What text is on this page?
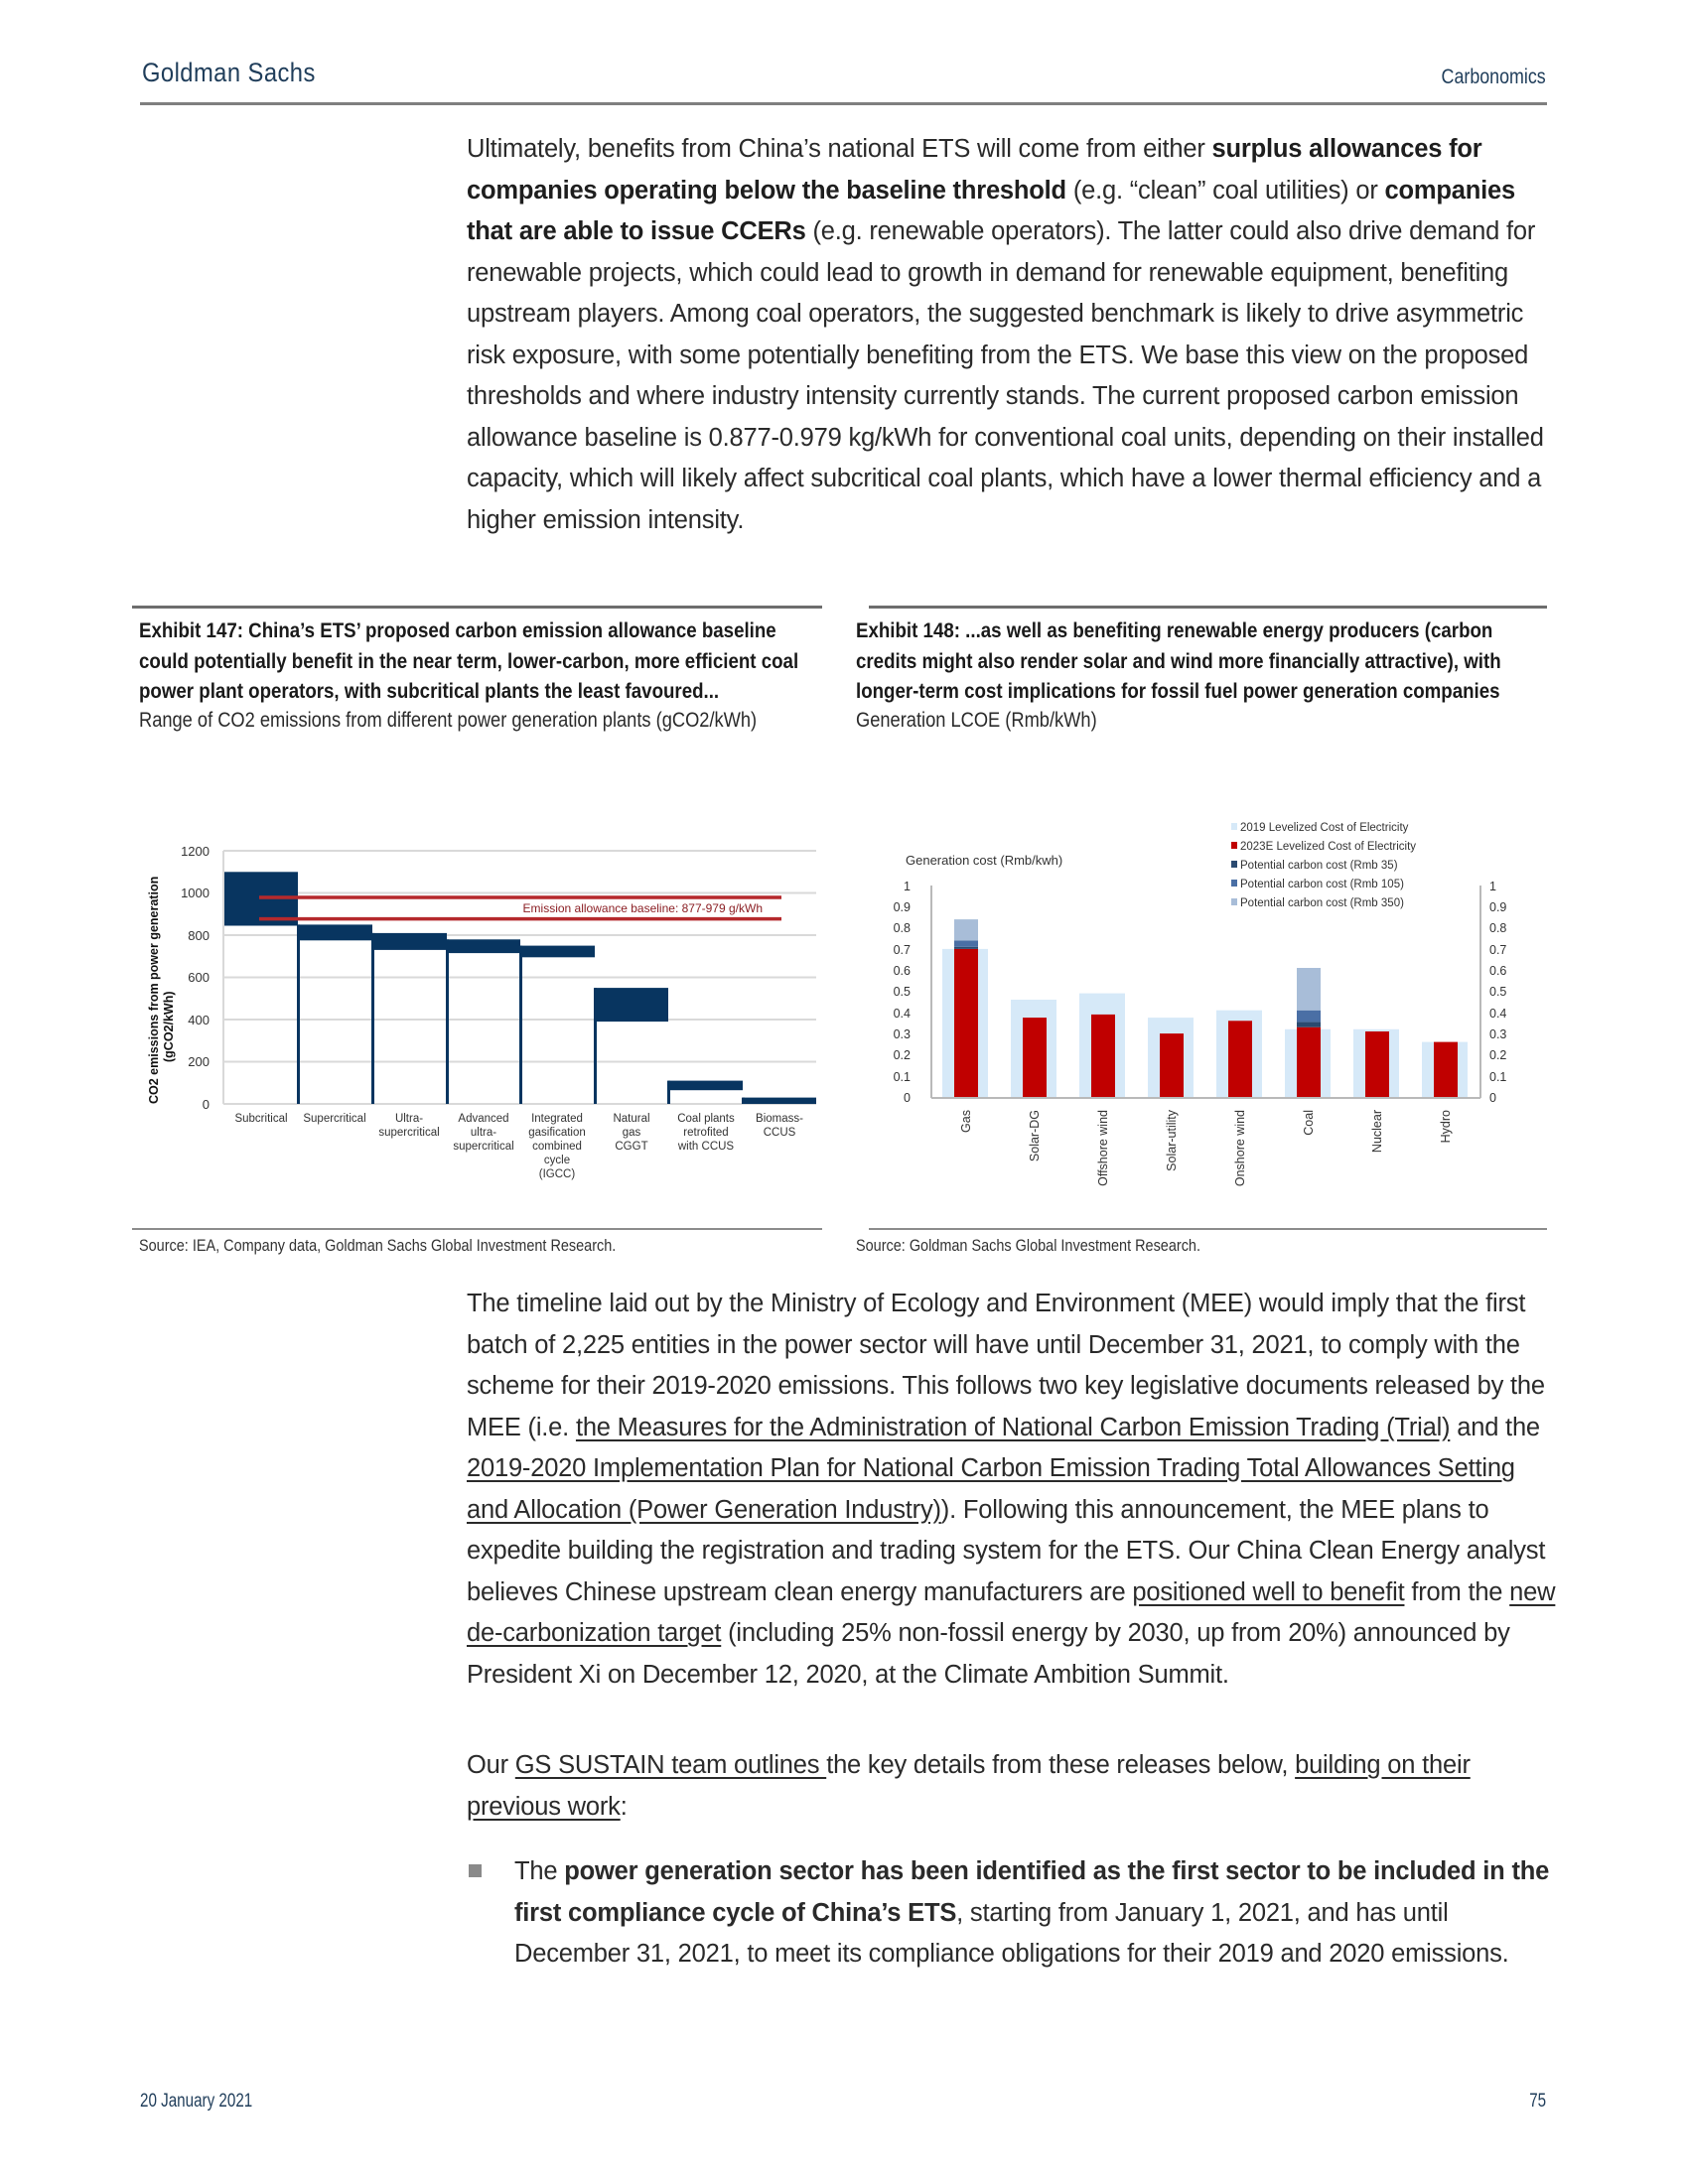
Goldman Sachs	Carbonomics
Ultimately, benefits from China’s national ETS will come from either surplus allowances for companies operating below the baseline threshold (e.g. “clean” coal utilities) or companies that are able to issue CCERs (e.g. renewable operators). The latter could also drive demand for renewable projects, which could lead to growth in demand for renewable equipment, benefiting upstream players. Among coal operators, the suggested benchmark is likely to drive asymmetric risk exposure, with some potentially benefiting from the ETS. We base this view on the proposed thresholds and where industry intensity currently stands. The current proposed carbon emission allowance baseline is 0.877-0.979 kg/kWh for conventional coal units, depending on their installed capacity, which will likely affect subcritical coal plants, which have a lower thermal efficiency and a higher emission intensity.
Exhibit 147: China’s ETS’ proposed carbon emission allowance baseline could potentially benefit in the near term, lower-carbon, more efficient coal power plant operators, with subcritical plants the least favoured...
Range of CO2 emissions from different power generation plants (gCO2/kWh)
1200
1000
800
600
400
200
0
CO2 emissions from power generation (gCO2/kWh)
Emission allowance baseline: 877-979 g/kWh
Subcritical Supercritical	Ultra-
supercritical
Advanced
ultra-
supercritical
Integrated
gasification
combined
cycle
(IGCC)
Natural
gas
CGGT
Coal plants
retrofited
with CCUS
Biomass-
CCUS
Source: IEA, Company data, Goldman Sachs Global Investment Research.
Exhibit 148: ...as well as benefiting renewable energy producers (carbon credits might also render solar and wind more financially attractive), with longer-term cost implications for fossil fuel power generation companies
Generation LCOE (Rmb/kWh)
Generation cost (Rmb/kwh)
1
0.9
0.8
0.7
0.6
0.5
0.4
0.3
0.2
0.1
0
1
0.9
0.8
0.7
0.6
0.5
0.4
0.3
0.2
0.1
0
Gas	Solar-DG	Offshore wind	Solar-utility	Onshore wind	Coal	Nuclear	Hydro
2019 Levelized Cost of Electricity
2023E Levelized Cost of Electricity
Potential carbon cost (Rmb 35)
Potential carbon cost (Rmb 105)
Potential carbon cost (Rmb 350)
Source: Goldman Sachs Global Investment Research.
The timeline laid out by the Ministry of Ecology and Environment (MEE) would imply that the first batch of 2,225 entities in the power sector will have until December 31, 2021, to comply with the scheme for their 2019-2020 emissions. This follows two key legislative documents released by the MEE (i.e. the Measures for the Administration of National Carbon Emission Trading (Trial) and the 2019-2020 Implementation Plan for National Carbon Emission Trading Total Allowances Setting and Allocation (Power Generation Industry)). Following this announcement, the MEE plans to expedite building the registration and trading system for the ETS. Our China Clean Energy analyst believes Chinese upstream clean energy manufacturers are positioned well to benefit from the new de-carbonization target (including 25% non-fossil energy by 2030, up from 20%) announced by President Xi on December 12, 2020, at the Climate Ambition Summit.
Our GS SUSTAIN team outlines the key details from these releases below, building on their previous work:
The power generation sector has been identified as the first sector to be included in the first compliance cycle of China’s ETS, starting from January 1, 2021, and has until December 31, 2021, to meet its compliance obligations for their 2019 and 2020 emissions.
20 January 2021	75
